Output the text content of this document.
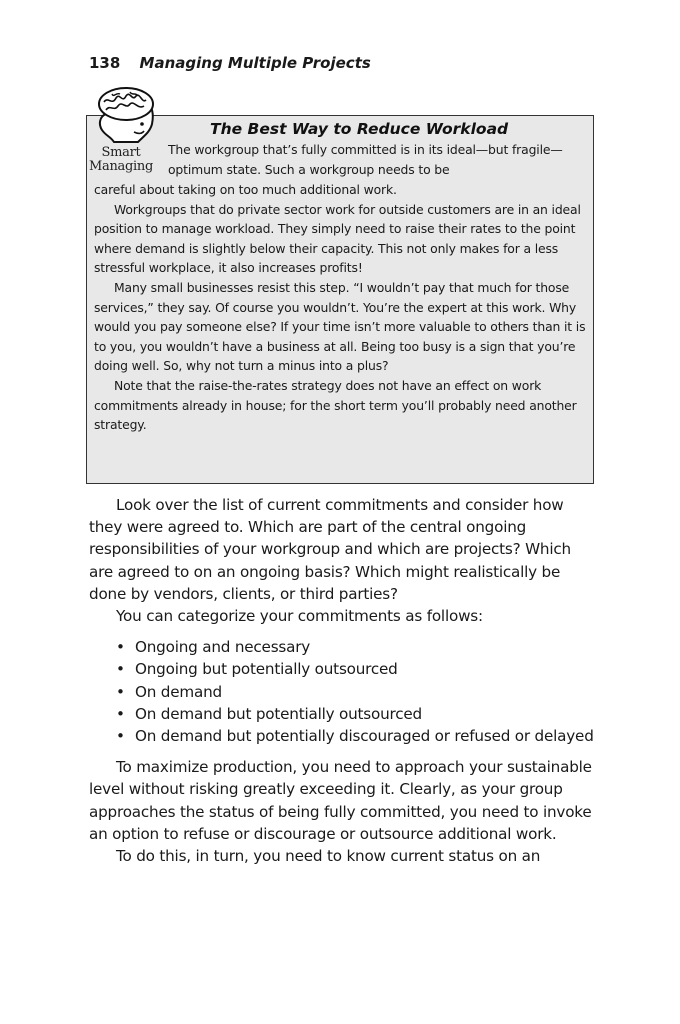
138 Managing Multiple Projects
Smart
Managing
The Best Way to Reduce Workload

The workgroup that’s fully committed is in its ideal—but fragile—optimum state. Such a workgroup needs to be

careful about taking on too much additional work.

Workgroups that do private sector work for outside customers are in an ideal position to manage workload. They simply need to raise their rates to the point where demand is slightly below their capacity. This not only makes for a less stressful workplace, it also increases profits!

Many small businesses resist this step. “I wouldn’t pay that much for those services,” they say. Of course you wouldn’t. You’re the expert at this work. Why would you pay someone else? If your time isn’t more valuable to others than it is to you, you wouldn’t have a business at all. Being too busy is a sign that you’re doing well. So, why not turn a minus into a plus?

Note that the raise-the-rates strategy does not have an effect on work commitments already in house; for the short term you’ll probably need another strategy.

Look over the list of current commitments and consider how they were agreed to. Which are part of the central ongoing responsibilities of your workgroup and which are projects? Which are agreed to on an ongoing basis? Which might realistically be done by vendors, clients, or third parties?

You can categorize your commitments as follows:

• Ongoing and necessary
• Ongoing but potentially outsourced
• On demand
• On demand but potentially outsourced
• On demand but potentially discouraged or refused or delayed

To maximize production, you need to approach your sustainable level without risking greatly exceeding it. Clearly, as your group approaches the status of being fully committed, you need to invoke an option to refuse or discourage or outsource additional work.

To do this, in turn, you need to know current status on an
